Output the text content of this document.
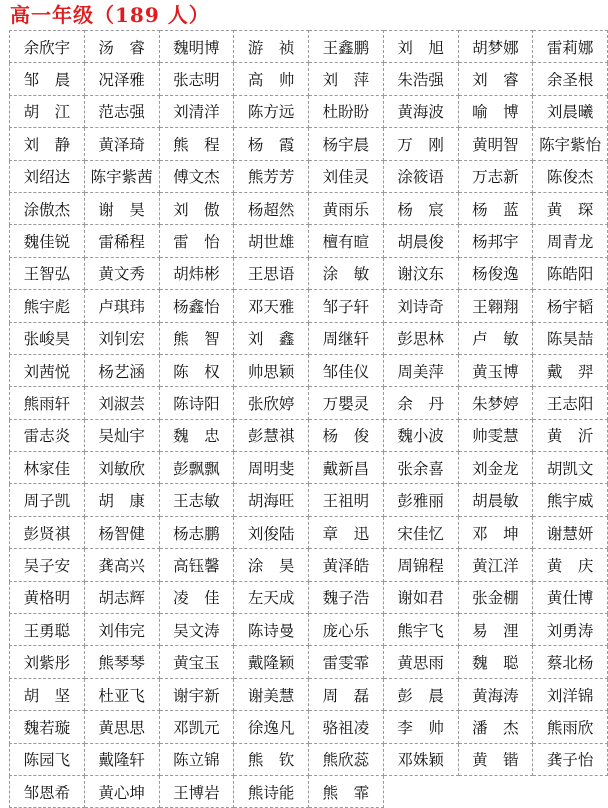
高一年级（189 人）
余欣宇	汤　睿	魏明博	游　祯	王鑫鹏	刘　旭	胡梦娜	雷莉娜
邹　晨	况泽雅	张志明	高　帅	刘　萍	朱浩强	刘　睿	余圣根
胡　江	范志强	刘清洋	陈方远	杜盼盼	黄海波	喻　博	刘晨曦
刘　静	黄泽琦	熊　程	杨　霞	杨宇晨	万　刚	黄明智	陈宇紫怡
刘绍达	陈宇紫茜	傅文杰	熊芳芳	刘佳灵	涂筱语	万志新	陈俊杰
涂傲杰	谢　昊	刘　傲	杨超然	黄雨乐	杨　宸	杨　蓝	黄　琛
魏佳锐	雷稀程	雷　怡	胡世雄	檀有暄	胡晨俊	杨邦宇	周青龙
王智弘	黄文秀	胡炜彬	王思语	涂　敏	谢汶东	杨俊逸	陈皓阳
熊宇彪	卢琪玮	杨鑫怡	邓天雅	邹子轩	刘诗奇	王翱翔	杨宇韬
张峻昊	刘钊宏	熊　智	刘　鑫	周继轩	彭思林	卢　敏	陈昊喆
刘茜悦	杨艺涵	陈　权	帅思颖	邹佳仪	周美萍	黄玉博	戴　羿
熊雨轩	刘淑芸	陈诗阳	张欣婷	万嬰灵	余　丹	朱梦婷	王志阳
雷志炎	吴灿宇	魏　忠	彭慧祺	杨　俊	魏小波	帅雯慧	黄　沂
林家佳	刘敏欣	彭飘飘	周明斐	戴新昌	张余喜	刘金龙	胡凯文
周子凯	胡　康	王志敏	胡海旺	王祖明	彭雅丽	胡晨敏	熊宇威
彭贤祺	杨智健	杨志鹏	刘俊陆	章　迅	宋佳忆	邓　坤	谢慧妍
吴子安	龚高兴	高钰馨	涂　昊	黄泽皓	周锦程	黄江洋	黄　庆
黄格明	胡志辉	凌　佳	左天成	魏子浩	谢如君	张金棚	黄仕博
王勇聪	刘伟完	吴文涛	陈诗曼	庞心乐	熊宇飞	易　浬	刘勇涛
刘紫彤	熊琴琴	黄宝玉	戴隆颖	雷雯霏	黄思雨	魏　聪	蔡北杨
胡　坚	杜亚飞	谢宇新	谢美慧	周　磊	彭　晨	黄海涛	刘洋锦
魏若璇	黄思思	邓凯元	徐逸凡	骆祖凌	李　帅	潘　杰	熊雨欣
陈园飞	戴隆轩	陈立锦	熊　钦	熊欣蕊	邓姝颖	黄　锴	龚子怡
邹恩希	黄心坤	王博岩	熊诗能	熊　霏			
